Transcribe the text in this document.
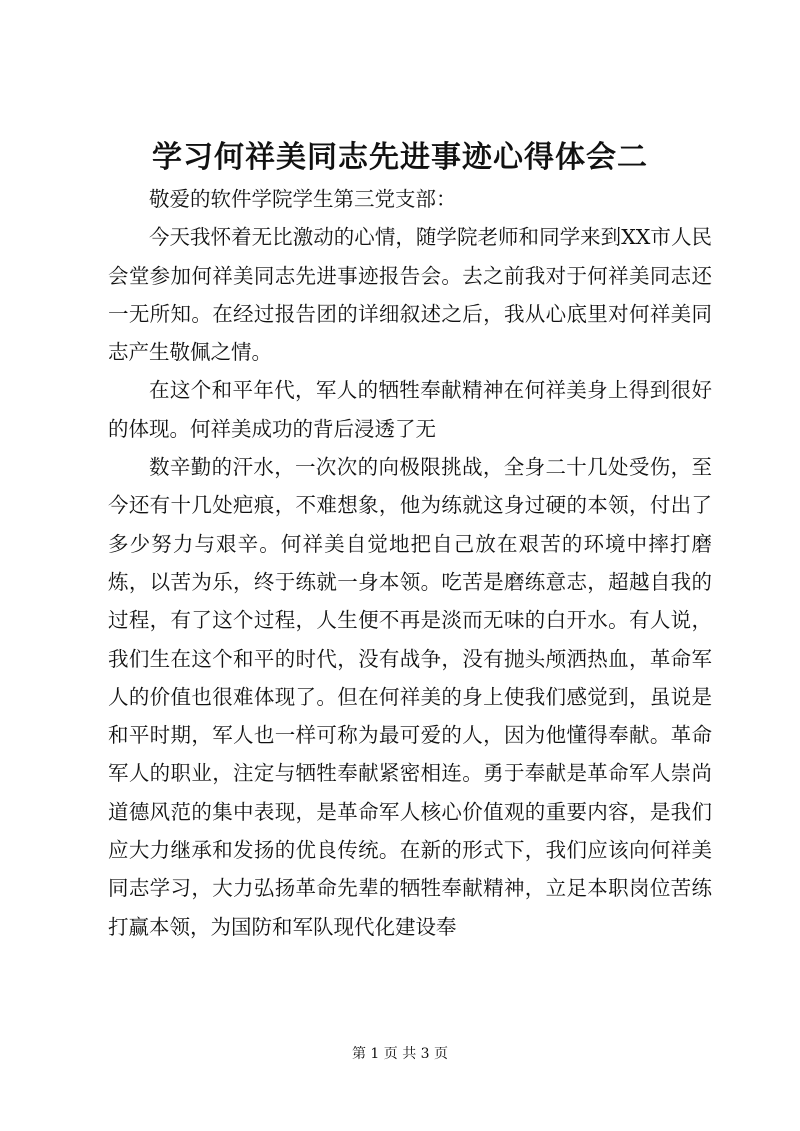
学习何祥美同志先进事迹心得体会二

敬爱的软件学院学生第三党支部：

今天我怀着无比激动的心情，随学院老师和同学来到XX市人民会堂参加何祥美同志先进事迹报告会。去之前我对于何祥美同志还一无所知。在经过报告团的详细叙述之后，我从心底里对何祥美同志产生敬佩之情。

在这个和平年代，军人的牺牲奉献精神在何祥美身上得到很好的体现。何祥美成功的背后浸透了无

数辛勤的汗水，一次次的向极限挑战，全身二十几处受伤，至今还有十几处疤痕，不难想象，他为练就这身过硬的本领，付出了多少努力与艰辛。何祥美自觉地把自己放在艰苦的环境中摔打磨炼，以苦为乐，终于练就一身本领。吃苦是磨练意志，超越自我的过程，有了这个过程，人生便不再是淡而无味的白开水。有人说，我们生在这个和平的时代，没有战争，没有抛头颅洒热血，革命军人的价值也很难体现了。但在何祥美的身上使我们感觉到，虽说是和平时期，军人也一样可称为最可爱的人，因为他懂得奉献。革命军人的职业，注定与牺牲奉献紧密相连。勇于奉献是革命军人崇尚道德风范的集中表现，是革命军人核心价值观的重要内容，是我们应大力继承和发扬的优良传统。在新的形式下，我们应该向何祥美同志学习，大力弘扬革命先辈的牺牲奉献精神，立足本职岗位苦练打赢本领，为国防和军队现代化建设奉

第 1 页 共 3 页
